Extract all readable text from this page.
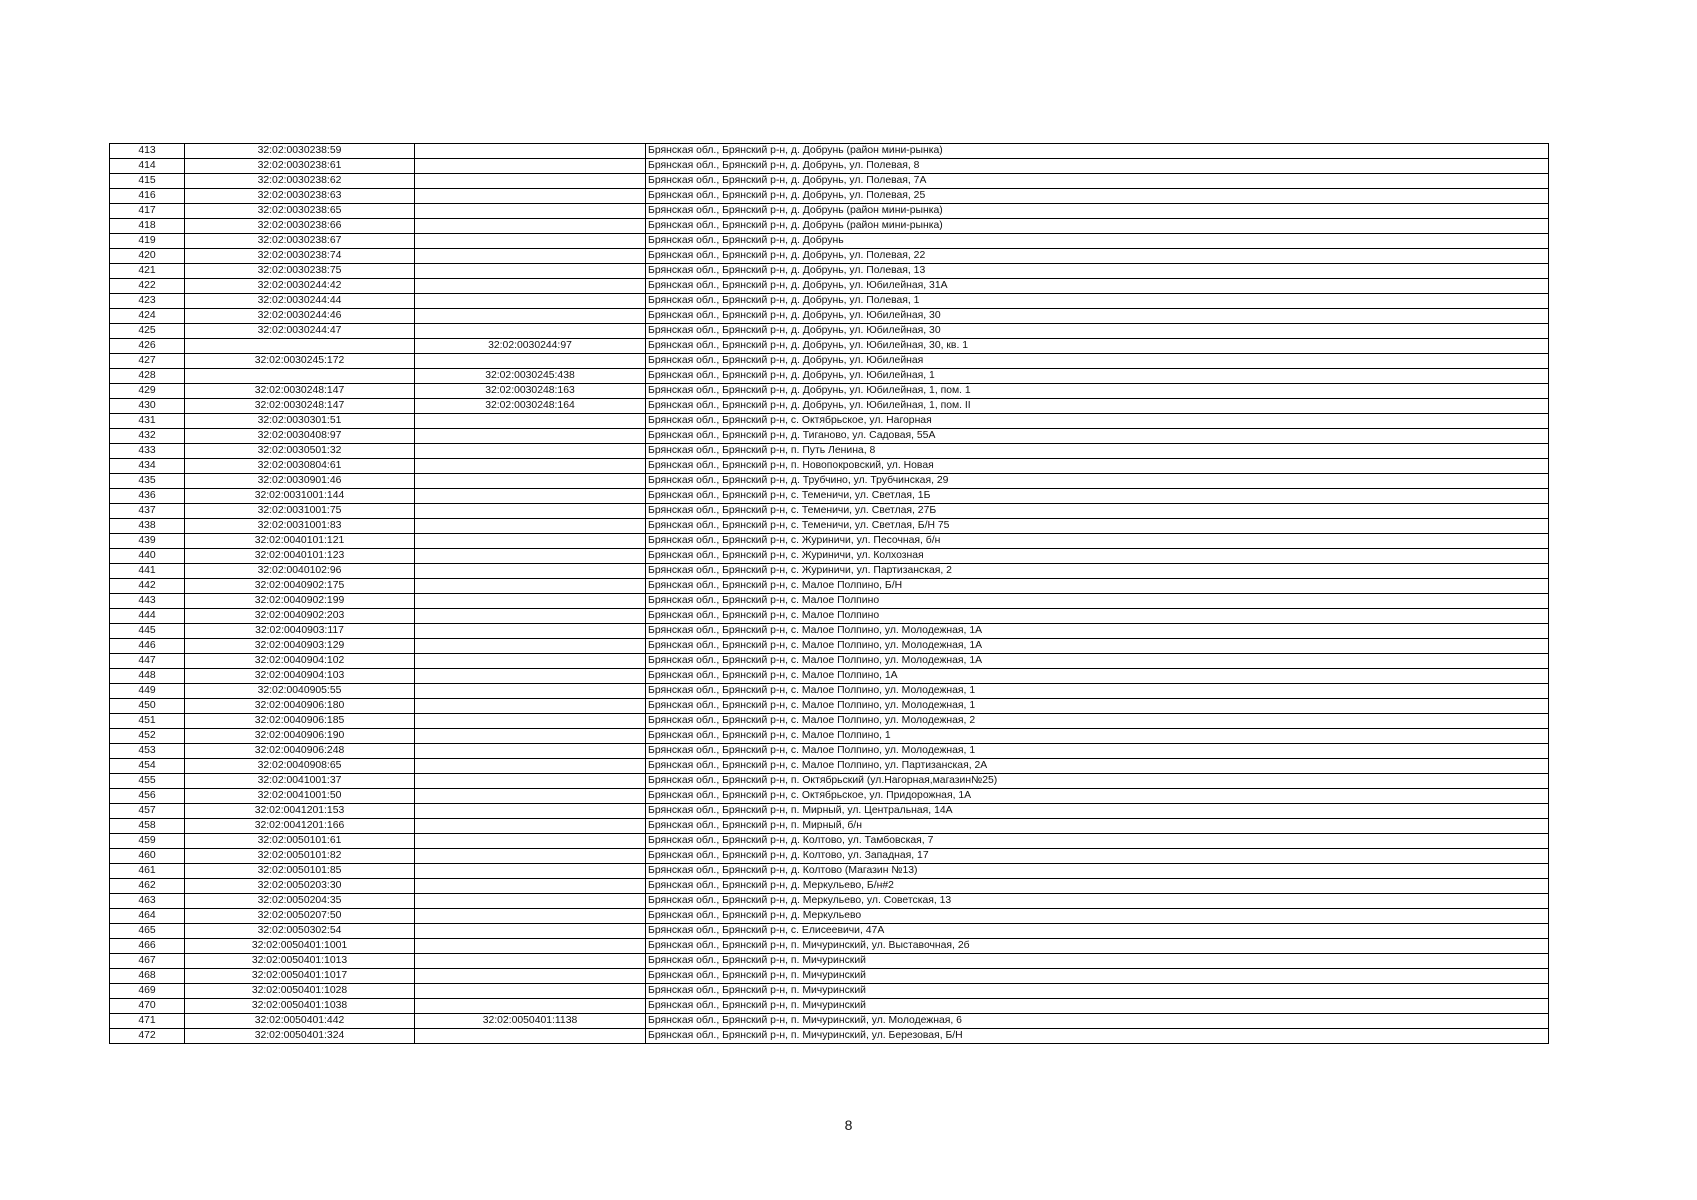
413	32:02:0030238:59		Брянская обл., Брянский р-н, д. Добрунь (район мини-рынка)
414	32:02:0030238:61		Брянская обл., Брянский р-н, д. Добрунь, ул. Полевая, 8
415	32:02:0030238:62		Брянская обл., Брянский р-н, д. Добрунь, ул. Полевая, 7А
416	32:02:0030238:63		Брянская обл., Брянский р-н, д. Добрунь, ул. Полевая, 25
417	32:02:0030238:65		Брянская обл., Брянский р-н, д. Добрунь (район мини-рынка)
418	32:02:0030238:66		Брянская обл., Брянский р-н, д. Добрунь (район мини-рынка)
419	32:02:0030238:67		Брянская обл., Брянский р-н, д. Добрунь
420	32:02:0030238:74		Брянская обл., Брянский р-н, д. Добрунь, ул. Полевая, 22
421	32:02:0030238:75		Брянская обл., Брянский р-н, д. Добрунь, ул. Полевая, 13
422	32:02:0030244:42		Брянская обл., Брянский р-н, д. Добрунь, ул. Юбилейная, 31А
423	32:02:0030244:44		Брянская обл., Брянский р-н, д. Добрунь, ул. Полевая, 1
424	32:02:0030244:46		Брянская обл., Брянский р-н, д. Добрунь, ул. Юбилейная, 30
425	32:02:0030244:47		Брянская обл., Брянский р-н, д. Добрунь, ул. Юбилейная, 30
426		32:02:0030244:97	Брянская обл., Брянский р-н, д. Добрунь, ул. Юбилейная, 30, кв. 1
427	32:02:0030245:172		Брянская обл., Брянский р-н, д. Добрунь, ул. Юбилейная
428		32:02:0030245:438	Брянская обл., Брянский р-н, д. Добрунь, ул. Юбилейная, 1
429	32:02:0030248:147	32:02:0030248:163	Брянская обл., Брянский р-н, д. Добрунь, ул. Юбилейная, 1, пом. 1
430	32:02:0030248:147	32:02:0030248:164	Брянская обл., Брянский р-н, д. Добрунь, ул. Юбилейная, 1, пом. II
431	32:02:0030301:51		Брянская обл., Брянский р-н, с. Октябрьское, ул. Нагорная
432	32:02:0030408:97		Брянская обл., Брянский р-н, д. Тиганово, ул. Садовая, 55А
433	32:02:0030501:32		Брянская обл., Брянский р-н, п. Путь Ленина, 8
434	32:02:0030804:61		Брянская обл., Брянский р-н, п. Новопокровский, ул. Новая
435	32:02:0030901:46		Брянская обл., Брянский р-н, д. Трубчино, ул. Трубчинская, 29
436	32:02:0031001:144		Брянская обл., Брянский р-н, с. Теменичи, ул. Светлая, 1Б
437	32:02:0031001:75		Брянская обл., Брянский р-н, с. Теменичи, ул. Светлая, 27Б
438	32:02:0031001:83		Брянская обл., Брянский р-н, с. Теменичи, ул. Светлая, Б/Н 75
439	32:02:0040101:121		Брянская обл., Брянский р-н, с. Журиничи, ул. Песочная, б/н
440	32:02:0040101:123		Брянская обл., Брянский р-н, с. Журиничи, ул. Колхозная
441	32:02:0040102:96		Брянская обл., Брянский р-н, с. Журиничи, ул. Партизанская, 2
442	32:02:0040902:175		Брянская обл., Брянский р-н, с. Малое Полпино, Б/Н
443	32:02:0040902:199		Брянская обл., Брянский р-н, с. Малое Полпино
444	32:02:0040902:203		Брянская обл., Брянский р-н, с. Малое Полпино
445	32:02:0040903:117		Брянская обл., Брянский р-н, с. Малое Полпино, ул. Молодежная, 1А
446	32:02:0040903:129		Брянская обл., Брянский р-н, с. Малое Полпино, ул. Молодежная, 1А
447	32:02:0040904:102		Брянская обл., Брянский р-н, с. Малое Полпино, ул. Молодежная, 1А
448	32:02:0040904:103		Брянская обл., Брянский р-н, с. Малое Полпино, 1А
449	32:02:0040905:55		Брянская обл., Брянский р-н, с. Малое Полпино, ул. Молодежная, 1
450	32:02:0040906:180		Брянская обл., Брянский р-н, с. Малое Полпино, ул. Молодежная, 1
451	32:02:0040906:185		Брянская обл., Брянский р-н, с. Малое Полпино, ул. Молодежная, 2
452	32:02:0040906:190		Брянская обл., Брянский р-н, с. Малое Полпино, 1
453	32:02:0040906:248		Брянская обл., Брянский р-н, с. Малое Полпино, ул. Молодежная, 1
454	32:02:0040908:65		Брянская обл., Брянский р-н, с. Малое Полпино, ул. Партизанская, 2А
455	32:02:0041001:37		Брянская обл., Брянский р-н, п. Октябрьский (ул.Нагорная,магазин№25)
456	32:02:0041001:50		Брянская обл., Брянский р-н, с. Октябрьское, ул. Придорожная, 1А
457	32:02:0041201:153		Брянская обл., Брянский р-н, п. Мирный, ул. Центральная, 14А
458	32:02:0041201:166		Брянская обл., Брянский р-н, п. Мирный, б/н
459	32:02:0050101:61		Брянская обл., Брянский р-н, д. Колтово, ул. Тамбовская, 7
460	32:02:0050101:82		Брянская обл., Брянский р-н, д. Колтово, ул. Западная, 17
461	32:02:0050101:85		Брянская обл., Брянский р-н, д. Колтово (Магазин №13)
462	32:02:0050203:30		Брянская обл., Брянский р-н, д. Меркульево, Б/н#2
463	32:02:0050204:35		Брянская обл., Брянский р-н, д. Меркульево, ул. Советская, 13
464	32:02:0050207:50		Брянская обл., Брянский р-н, д. Меркульево
465	32:02:0050302:54		Брянская обл., Брянский р-н, с. Елисеевичи, 47А
466	32:02:0050401:1001		Брянская обл., Брянский р-н, п. Мичуринский, ул. Выставочная, 2б
467	32:02:0050401:1013		Брянская обл., Брянский р-н, п. Мичуринский
468	32:02:0050401:1017		Брянская обл., Брянский р-н, п. Мичуринский
469	32:02:0050401:1028		Брянская обл., Брянский р-н, п. Мичуринский
470	32:02:0050401:1038		Брянская обл., Брянский р-н, п. Мичуринский
471	32:02:0050401:442	32:02:0050401:1138	Брянская обл., Брянский р-н, п. Мичуринский, ул. Молодежная, 6
472	32:02:0050401:324		Брянская обл., Брянский р-н, п. Мичуринский, ул. Березовая, Б/Н
8
